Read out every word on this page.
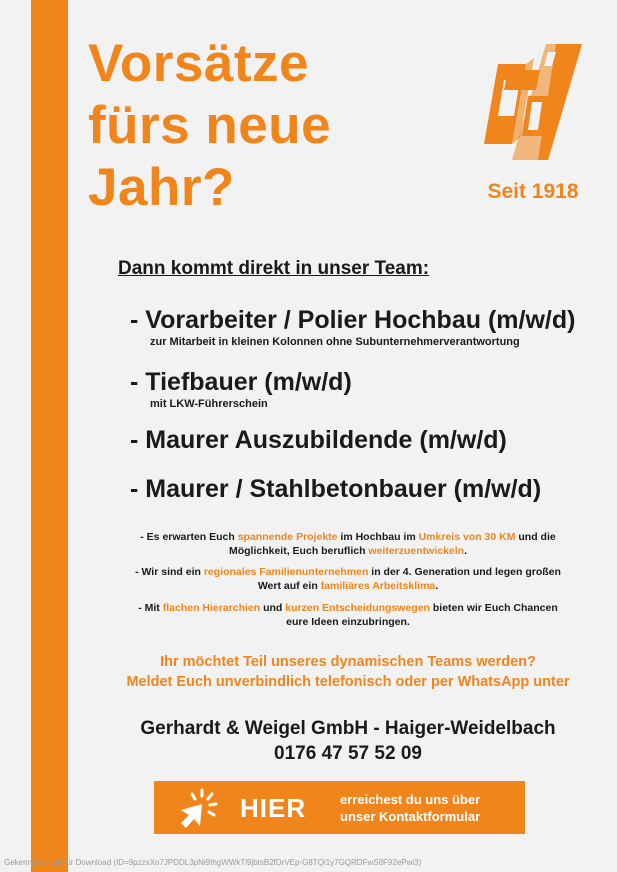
Vorsätze
fürs neue
Jahr?	Seit 1918
Dann kommt direkt in unser Team:
- Vorarbeiter / Polier Hochbau (m/w/d)
zur Mitarbeit in kleinen Kolonnen ohne Subunternehmerverantwortung
- Tiefbauer (m/w/d)
mit LKW-Führerschein
- Maurer Auszubildende (m/w/d)
- Maurer / Stahlbetonbauer (m/w/d)
- Es erwarten Euch spannende Projekte im Hochbau im Umkreis von 30 KM und die
Möglichkeit, Euch beruflich weiterzuentwickeln.
- Wir sind ein regionales Familienunternehmen in der 4. Generation und legen großen
Wert auf ein familiäres Arbeitsklima.
- Mit flachen Hierarchien und kurzen Entscheidungswegen bieten wir Euch Chancen
eure Ideen einzubringen.
Ihr möchtet Teil unseres dynamischen Teams werden?
Meldet Euch unverbindlich telefonisch oder per WhatsApp unter
Gerhardt & Weigel GmbH - Haiger-Weidelbach
0176 47 57 52 09
HIER	erreichest du uns über
unser Kontaktformular
Gekennzeichnet für Download (ID=9pzzxXo7JPDDL3pNi9thgWWkTl9jbtsB2fDrVEp-G8TQi1y7GQRDFwS8F92ePwi3)
